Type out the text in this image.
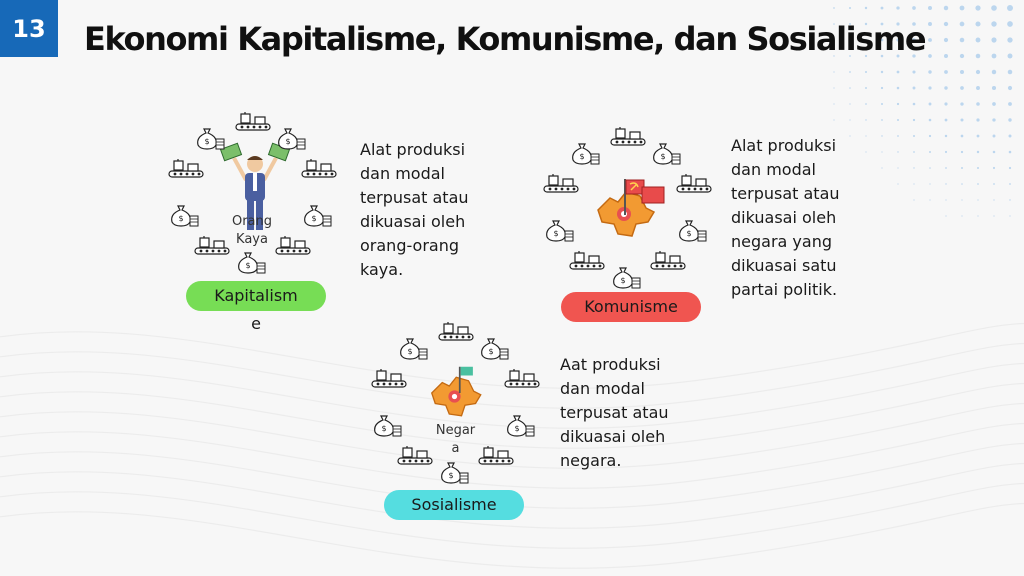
13	Ekonomi Kapitalisme, Komunisme, dan Sosialisme
Orang
Kaya
$
$
$
$
$
Kapitalism
e
Alat produksi
dan modal
terpusat atau
dikuasai oleh
orang-orang
kaya.
$
$
$
$
$
Komunisme
Alat produksi
dan modal
terpusat atau
dikuasai oleh
negara yang
dikuasai satu
partai politik.
Negar
a
$
$
$
$
$
Sosialisme
Aat produksi
dan modal
terpusat atau
dikuasai oleh
negara.
